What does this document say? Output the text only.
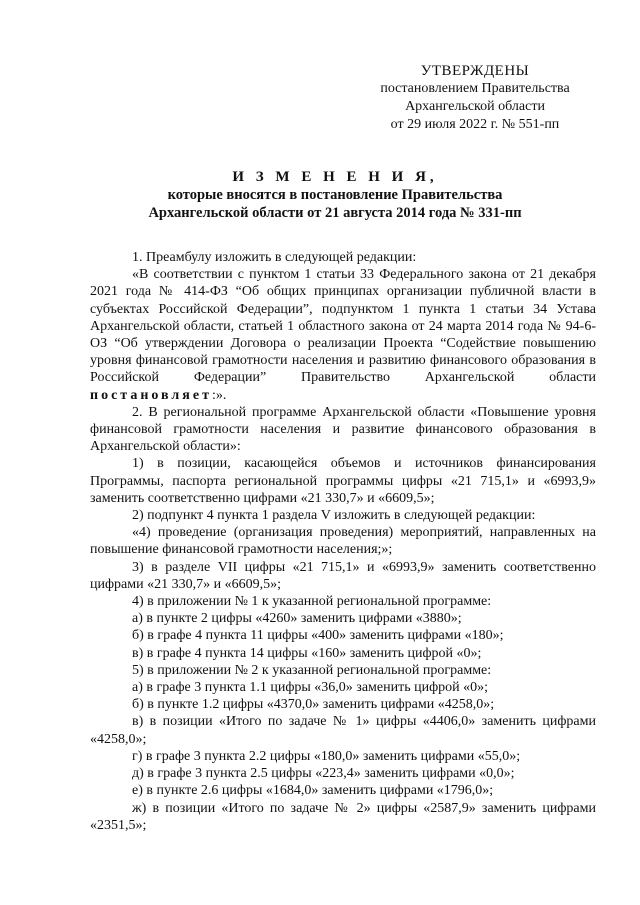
УТВЕРЖДЕНЫ
постановлением Правительства
Архангельской области
от 29 июля 2022 г. № 551-пп
И З М Е Н Е Н И Я,
которые вносятся в постановление Правительства
Архангельской области от 21 августа 2014 года № 331-пп

1. Преамбулу изложить в следующей редакции:

«В соответствии с пунктом 1 статьи 33 Федерального закона от 21 декабря 2021 года № 414-ФЗ “Об общих принципах организации публичной власти в субъектах Российской Федерации”, подпунктом 1 пункта 1 статьи 34 Устава Архангельской области, статьей 1 областного закона от 24 марта 2014 года № 94-6-ОЗ “Об утверждении Договора о реализации Проекта “Содействие повышению уровня финансовой грамотности населения и развитию финансового образования в Российской Федерации” Правительство Архангельской области постановляет:».

2. В региональной программе Архангельской области «Повышение уровня финансовой грамотности населения и развитие финансового образования в Архангельской области»:

1) в позиции, касающейся объемов и источников финансирования Программы, паспорта региональной программы цифры «21 715,1» и «6993,9» заменить соответственно цифрами «21 330,7» и «6609,5»;

2) подпункт 4 пункта 1 раздела V изложить в следующей редакции:

«4) проведение (организация проведения) мероприятий, направленных на повышение финансовой грамотности населения;»;

3) в разделе VII цифры «21 715,1» и «6993,9» заменить соответственно цифрами «21 330,7» и «6609,5»;

4) в приложении № 1 к указанной региональной программе:

а) в пункте 2 цифры «4260» заменить цифрами «3880»;

б) в графе 4 пункта 11 цифры «400» заменить цифрами «180»;

в) в графе 4 пункта 14 цифры «160» заменить цифрой «0»;

5) в приложении № 2 к указанной региональной программе:

а) в графе 3 пункта 1.1 цифры «36,0» заменить цифрой «0»;

б) в пункте 1.2 цифры «4370,0» заменить цифрами «4258,0»;

в) в позиции «Итого по задаче № 1» цифры «4406,0» заменить цифрами «4258,0»;

г) в графе 3 пункта 2.2 цифры «180,0» заменить цифрами «55,0»;

д) в графе 3 пункта 2.5 цифры «223,4» заменить цифрами «0,0»;

е) в пункте 2.6 цифры «1684,0» заменить цифрами «1796,0»;

ж) в позиции «Итого по задаче № 2» цифры «2587,9» заменить цифрами «2351,5»;
